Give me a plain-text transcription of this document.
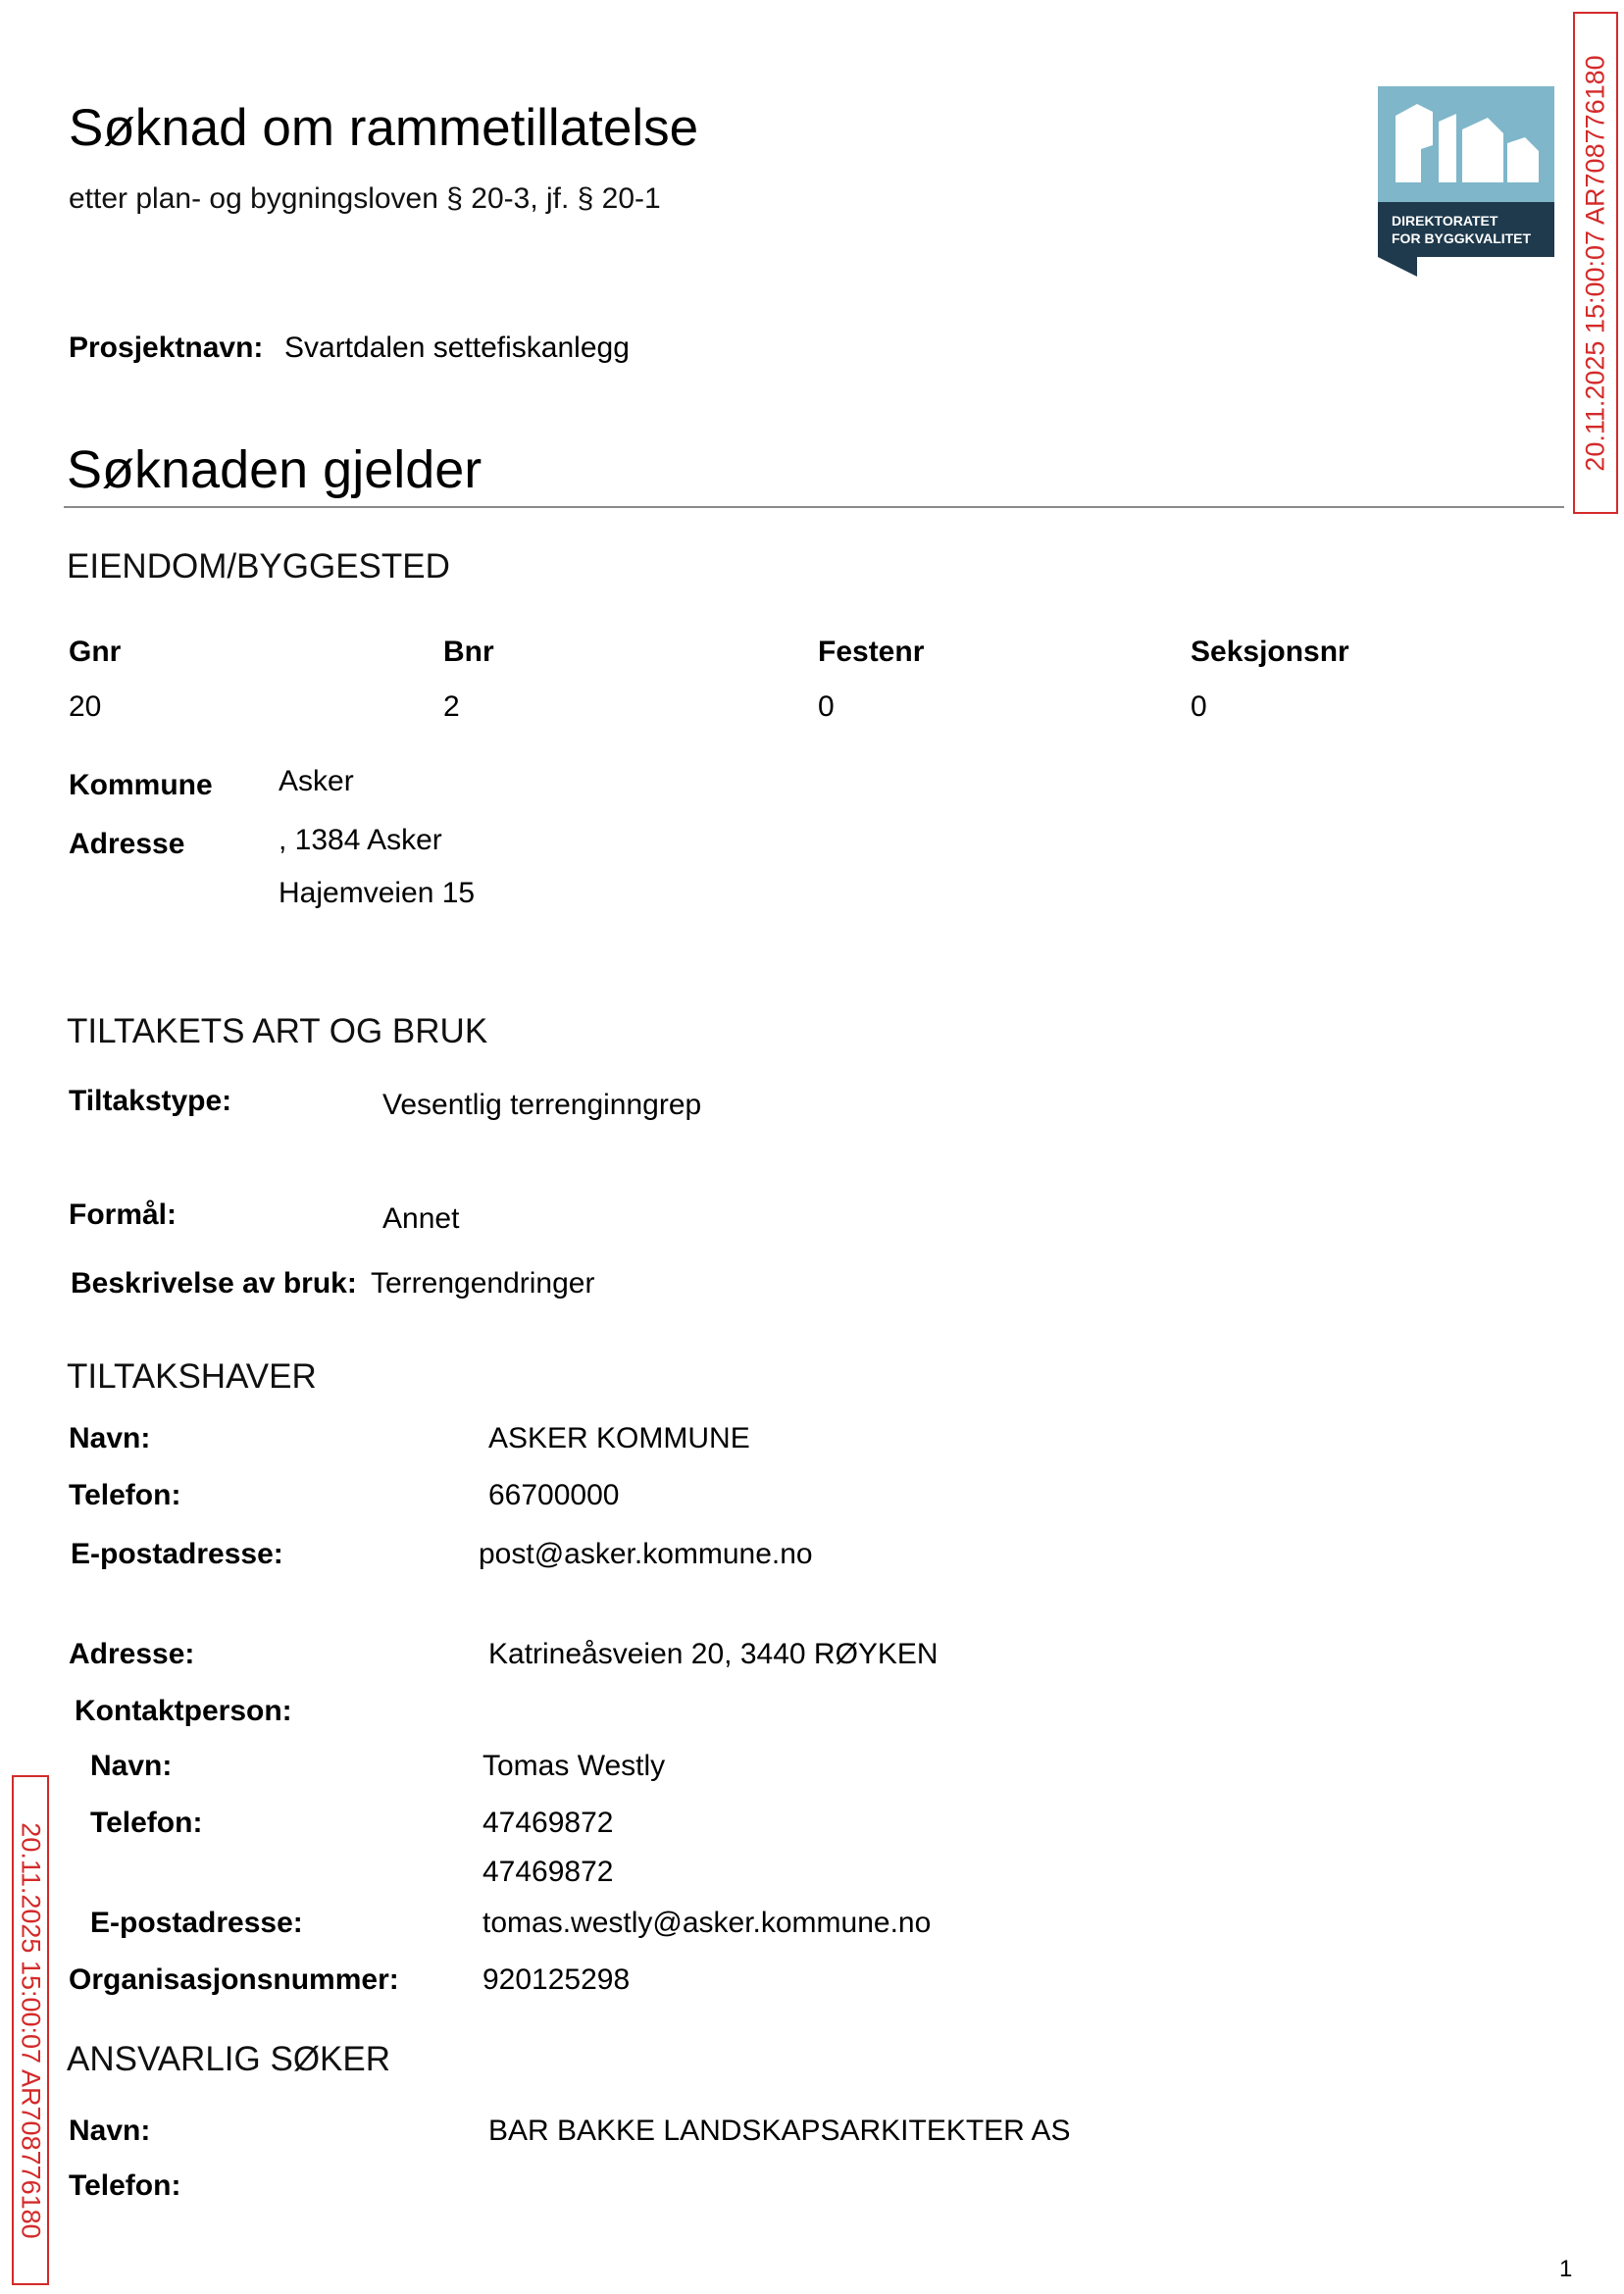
Søknad om rammetillatelse
etter plan- og bygningsloven § 20-3, jf. § 20-1
DIREKTORATET
FOR BYGGKVALITET
Prosjektnavn: Svartdalen settefiskanlegg
Søknaden gjelder
EIENDOM/BYGGESTED
Gnr	Bnr	Festenr	Seksjonsnr
20	2	0	0
Kommune Asker
Adresse	, 1384 Asker
Hajemveien 15
TILTAKETS ART OG BRUK
Tiltakstype:	Vesentlig terrenginngrep
Formål:	Annet
Beskrivelse av bruk: Terrengendringer
TILTAKSHAVER
Navn:	ASKER KOMMUNE
Telefon:	66700000
E-postadresse:	post@asker.kommune.no
Adresse:	Katrineåsveien 20, 3440 RØYKEN
Kontaktperson:
Navn:	Tomas Westly
Telefon:	47469872
47469872
E-postadresse:	tomas.westly@asker.kommune.no
Organisasjonsnummer:	920125298
ANSVARLIG SØKER
Navn:	BAR BAKKE LANDSKAPSARKITEKTER AS
Telefon:
20.11.2025 15:00:07 AR708776180
20.11.2025 15:00:07 AR708776180
1
